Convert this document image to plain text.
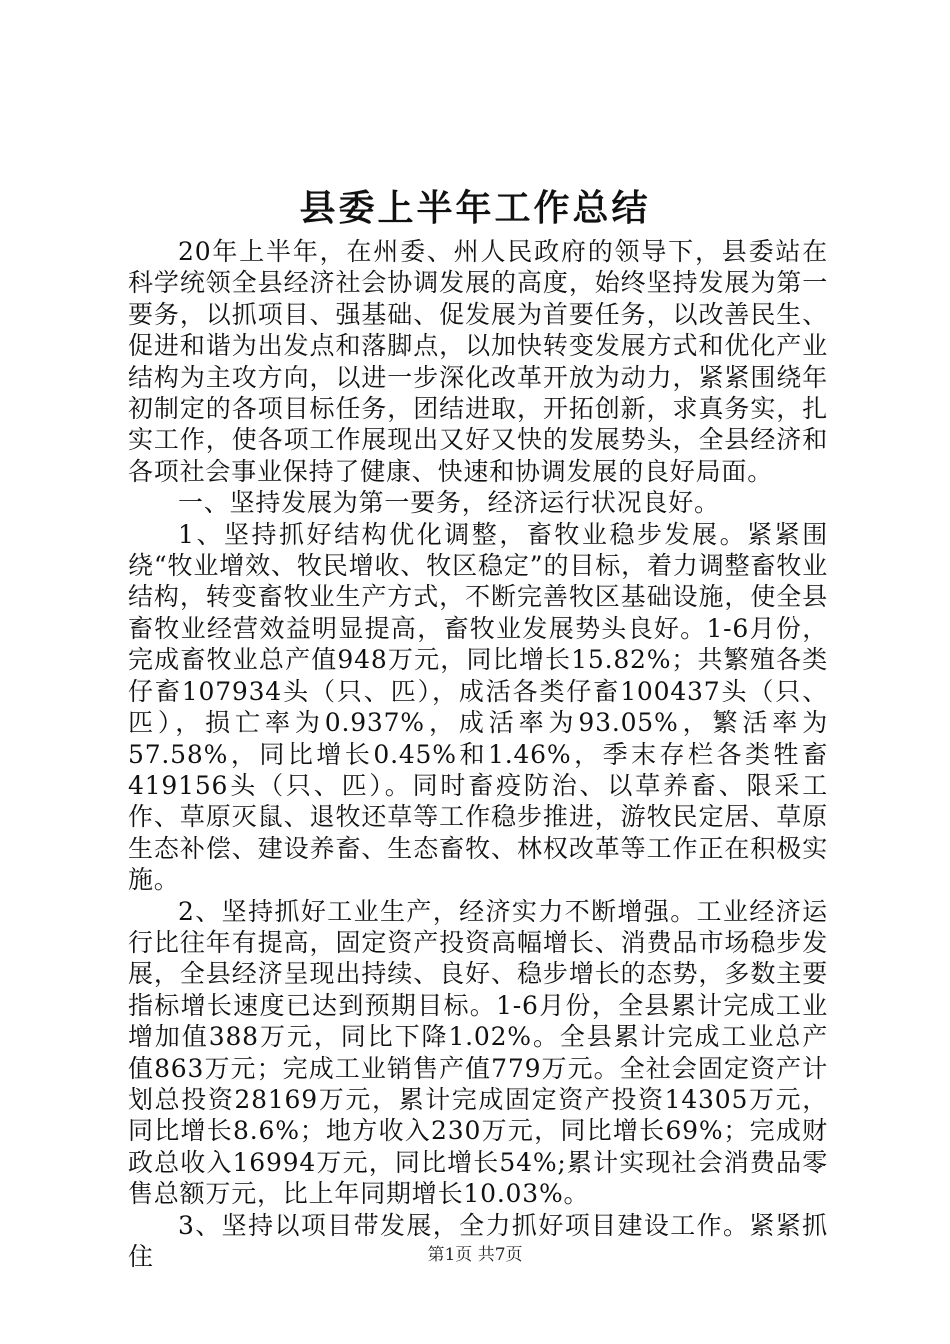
县委上半年工作总结

20年上半年，在州委、州人民政府的领导下，县委站在科学统领全县经济社会协调发展的高度，始终坚持发展为第一要务，以抓项目、强基础、促发展为首要任务，以改善民生、促进和谐为出发点和落脚点，以加快转变发展方式和优化产业结构为主攻方向，以进一步深化改革开放为动力，紧紧围绕年初制定的各项目标任务，团结进取，开拓创新，求真务实，扎实工作，使各项工作展现出又好又快的发展势头，全县经济和各项社会事业保持了健康、快速和协调发展的良好局面。

一、坚持发展为第一要务，经济运行状况良好。

1、坚持抓好结构优化调整，畜牧业稳步发展。紧紧围绕“牧业增效、牧民增收、牧区稳定”的目标，着力调整畜牧业结构，转变畜牧业生产方式，不断完善牧区基础设施，使全县畜牧业经营效益明显提高，畜牧业发展势头良好。1-6月份，完成畜牧业总产值948万元，同比增长15.82%；共繁殖各类仔畜107934头（只、匹），成活各类仔畜100437头（只、匹），损亡率为0.937%，成活率为93.05%，繁活率为57.58%，同比增长0.45%和1.46%，季末存栏各类牲畜419156头（只、匹）。同时畜疫防治、以草养畜、限采工作、草原灭鼠、退牧还草等工作稳步推进，游牧民定居、草原生态补偿、建设养畜、生态畜牧、林权改革等工作正在积极实施。

2、坚持抓好工业生产，经济实力不断增强。工业经济运行比往年有提高，固定资产投资高幅增长、消费品市场稳步发展，全县经济呈现出持续、良好、稳步增长的态势，多数主要指标增长速度已达到预期目标。1-6月份，全县累计完成工业增加值388万元，同比下降1.02%。全县累计完成工业总产值863万元；完成工业销售产值779万元。全社会固定资产计划总投资28169万元，累计完成固定资产投资14305万元，同比增长8.6%；地方收入230万元，同比增长69%；完成财政总收入16994万元，同比增长54%;累计实现社会消费品零售总额万元，比上年同期增长10.03%。

3、坚持以项目带发展，全力抓好项目建设工作。紧紧抓住	第1页 共7页
